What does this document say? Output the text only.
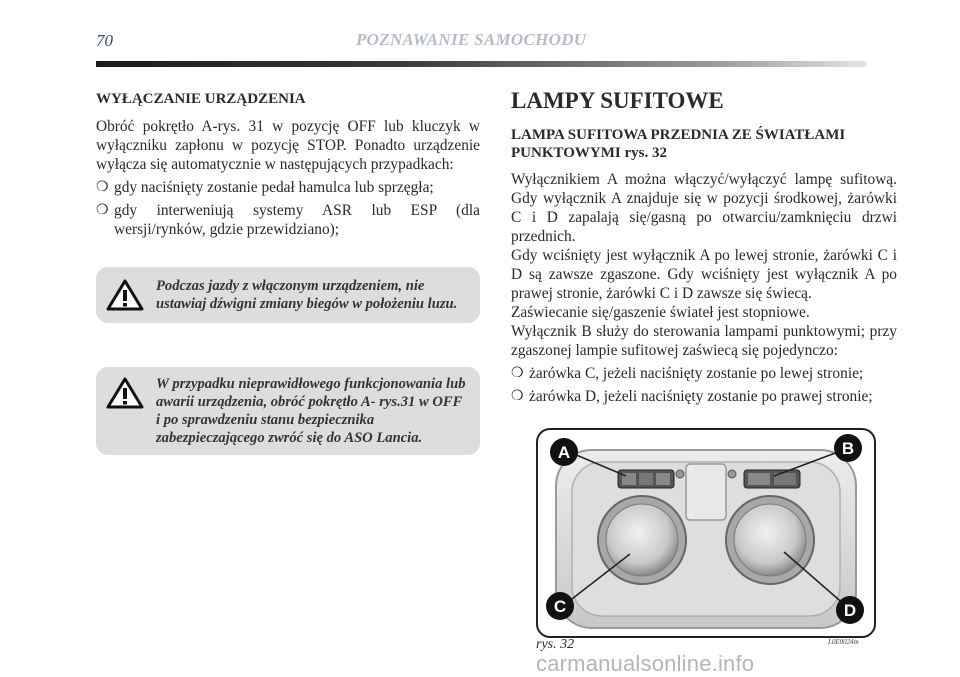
70	POZNAWANIE SAMOCHODU
WYŁĄCZANIE URZĄDZENIA

Obróć pokrętło A-rys. 31 w pozycję OFF lub kluczyk w wyłączniku zapłonu w pozycję STOP. Ponadto urządzenie wyłącza się automatycznie w następujących przypadkach:

❍ gdy naciśnięty zostanie pedał hamulca lub sprzęgła;
❍ gdy interweniują systemy ASR lub ESP (dla wersji/rynków, gdzie przewidziano);
Podczas jazdy z włączonym urządzeniem, nie ustawiaj dźwigni zmiany biegów w położeniu luzu.
W przypadku nieprawidłowego funkcjonowania lub awarii urządzenia, obróć pokrętło A- rys.31 w OFF i po sprawdzeniu stanu bezpiecznika zabezpieczającego zwróć się do ASO Lancia.
LAMPY SUFITOWE
LAMPA SUFITOWA PRZEDNIA ZE ŚWIATŁAMI PUNKTOWYMI rys. 32

Wyłącznikiem A można włączyć/wyłączyć lampę sufitową. Gdy wyłącznik A znajduje się w pozycji środkowej, żarówki C i D zapalają się/gasną po otwarciu/zamknięciu drzwi przednich.

Gdy wciśnięty jest wyłącznik A po lewej stronie, żarówki C i D są zawsze zgaszone. Gdy wciśnięty jest wyłącznik A po prawej stronie, żarówki C i D zawsze się świecą.

Zaświecanie się/gaszenie świateł jest stopniowe.

Wyłącznik B służy do sterowania lampami punktowymi; przy zgaszonej lampie sufitowej zaświecą się pojedynczo:

❍ żarówka C, jeżeli naciśnięty zostanie po lewej stronie;
❍ żarówka D, jeżeli naciśnięty zostanie po prawej stronie;
A	B
C	D
rys. 32	L0E0024m
carmanualsonline.info
